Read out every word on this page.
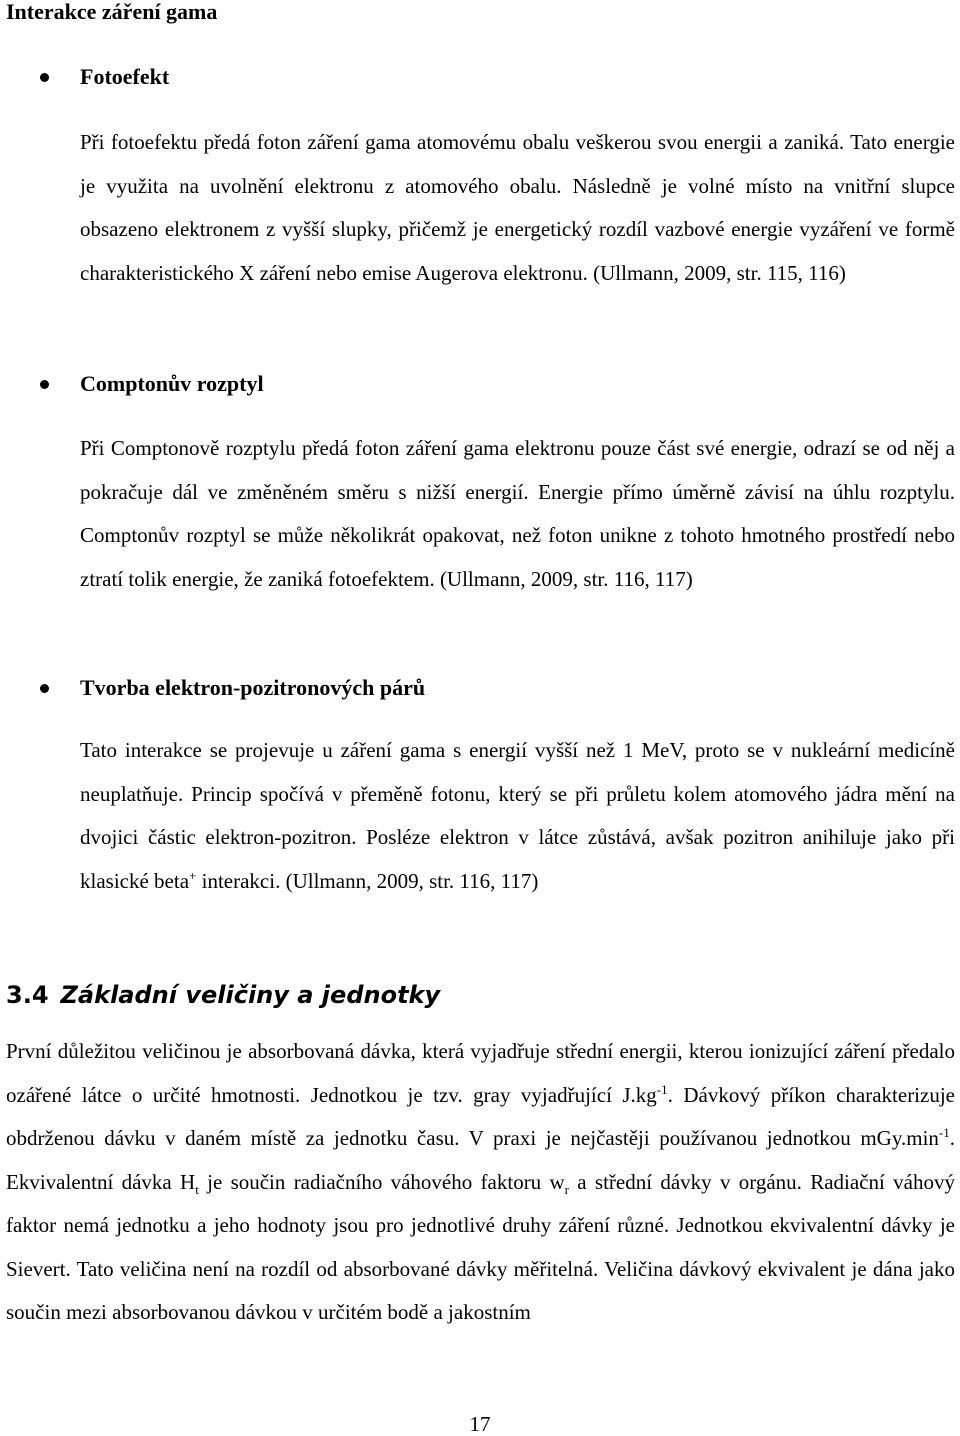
Interakce záření gama
Fotoefekt
Při fotoefektu předá foton záření gama atomovému obalu veškerou svou energii a zaniká. Tato energie je využita na uvolnění elektronu z atomového obalu. Následně je volné místo na vnitřní slupce obsazeno elektronem z vyšší slupky, přičemž je energetický rozdíl vazbové energie vyzáření ve formě charakteristického X záření nebo emise Augerova elektronu. (Ullmann, 2009, str. 115, 116)
Comptonův rozptyl
Při Comptonově rozptylu předá foton záření gama elektronu pouze část své energie, odrazí se od něj a pokračuje dál ve změněném směru s nižší energií. Energie přímo úměrně závisí na úhlu rozptylu. Comptonův rozptyl se může několikrát opakovat, než foton unikne z tohoto hmotného prostředí nebo ztratí tolik energie, že zaniká fotoefektem. (Ullmann, 2009, str. 116, 117)
Tvorba elektron-pozitronových párů
Tato interakce se projevuje u záření gama s energií vyšší než 1 MeV, proto se v nukleární medicíně neuplatňuje. Princip spočívá v přeměně fotonu, který se při průletu kolem atomového jádra mění na dvojici částic elektron-pozitron. Posléze elektron v látce zůstává, avšak pozitron anihiluje jako při klasické beta+ interakci. (Ullmann, 2009, str. 116, 117)
3.4 Základní veličiny a jednotky
První důležitou veličinou je absorbovaná dávka, která vyjadřuje střední energii, kterou ionizující záření předalo ozářené látce o určité hmotnosti. Jednotkou je tzv. gray vyjadřující $J.kg^{-1}$. Dávkový příkon charakterizuje obdrženou dávku v daném místě za jednotku času. V praxi je nejčastěji používanou jednotkou $mGy.\min^{-1}$. Ekvivalentní dávka $H_t$ je součin radiačního váhového faktoru $w_r$ a střední dávky v orgánu. Radiační váhový faktor nemá jednotku a jeho hodnoty jsou pro jednotlivé druhy záření různé. Jednotkou ekvivalentní dávky je Sievert. Tato veličina není na rozdíl od absorbované dávky měřitelná. Veličina dávkový ekvivalent je dána jako součin mezi absorbovanou dávkou v určitém bodě a jakostním
17
